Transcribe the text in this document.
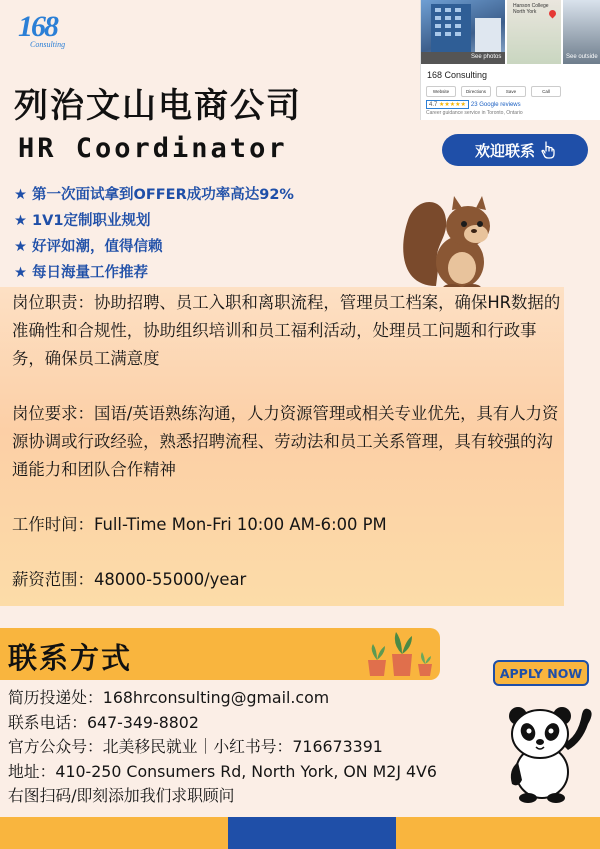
168
Consulting
列治文山电商公司
HR Coordinator
See photos
Hanson College North York
See outside
168 Consulting
Website	Directions	Save	Call
4.7 ★★★★★ 23 Google reviews
Career guidance service in Toronto, Ontario
欢迎联系
★ 第一次面试拿到OFFER成功率高达92%
★ 1V1定制职业规划
★ 好评如潮，值得信赖
★ 每日海量工作推荐

岗位职责：协助招聘、员工入职和离职流程，管理员工档案，确保HR数据的准确性和合规性，协助组织培训和员工福利活动，处理员工问题和行政事务，确保员工满意度

岗位要求：国语/英语熟练沟通，人力资源管理或相关专业优先，具有人力资源协调或行政经验，熟悉招聘流程、劳动法和员工关系管理，具有较强的沟通能力和团队合作精神

工作时间：Full-Time Mon-Fri 10:00 AM-6:00 PM

薪资范围：48000-55000/year

联系方式	APPLY NOW
简历投递处：168hrconsulting@gmail.com
联系电话：647-349-8802
官方公众号：北美移民就业｜小红书号：716673391
地址：410-250 Consumers Rd, North York, ON M2J 4V6
右图扫码/即刻添加我们求职顾问
